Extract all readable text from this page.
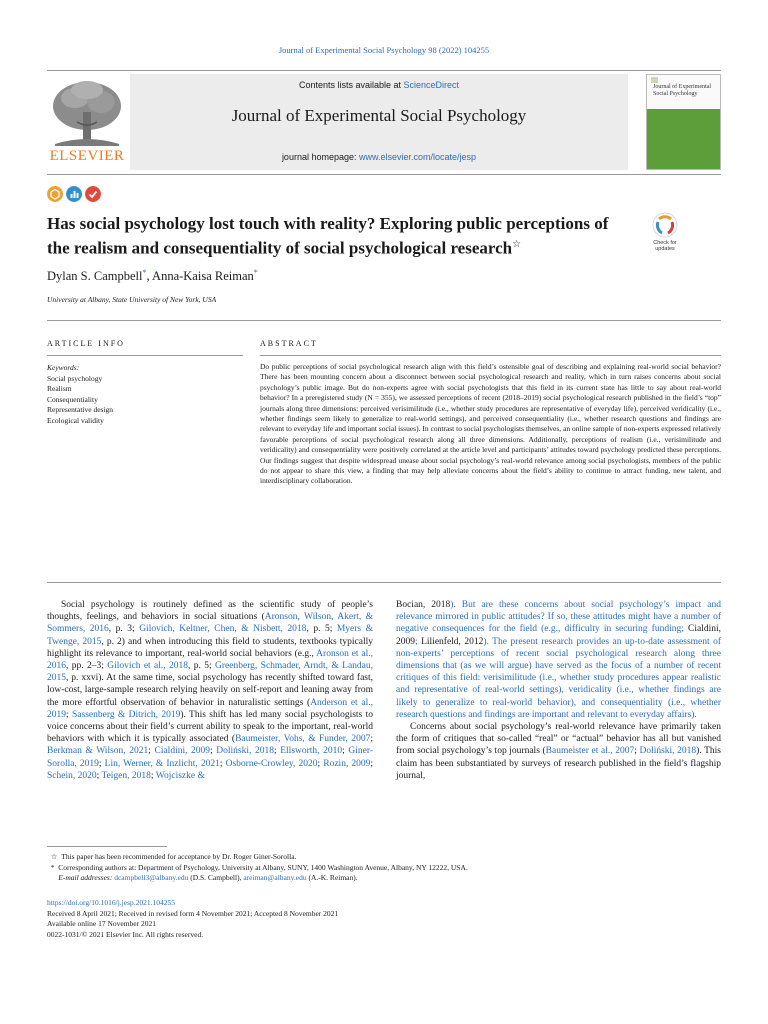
Journal of Experimental Social Psychology 98 (2022) 104255
ELSEVIER
Contents lists available at ScienceDirect
Journal of Experimental Social Psychology
journal homepage: www.elsevier.com/locate/jesp
Journal of Experimental Social Psychology
Has social psychology lost touch with reality? Exploring public perceptions of the realism and consequentiality of social psychological research☆	Check for updates
Dylan S. Campbell*, Anna-Kaisa Reiman*
University at Albany, State University of New York, USA
ARTICLE INFO	ABSTRACT
Keywords:
Social psychology
Realism
Consequentiality
Representative design
Ecological validity
Do public perceptions of social psychological research align with this field’s ostensible goal of describing and explaining real-world social behavior? There has been mounting concern about a disconnect between social psychological research and reality, which in turn raises concerns about social psychology’s public image. But do non-experts agree with social psychologists that this field in its current state has little to say about real-world behavior? In a preregistered study (N = 355), we assessed perceptions of recent (2018–2019) social psychological research published in the field’s “top” journals along three dimensions: perceived verisimilitude (i.e., whether study procedures are representative of everyday life), perceived veridicality (i.e., whether findings seem likely to generalize to real-world settings), and perceived consequentiality (i.e., whether research questions and findings are relevant to everyday life and important social issues). In contrast to social psychologists themselves, an online sample of non-experts expressed relatively favorable perceptions of social psychological research along all three dimensions. Additionally, perceptions of realism (i.e., verisimilitude and veridicality) and consequentiality were positively correlated at the article level and participants’ attitudes toward psychology predicted these perceptions. Our findings suggest that despite widespread unease about social psychology’s real-world relevance among social psychologists, members of the public do not appear to share this view, a finding that may help alleviate concerns about the field’s ability to continue to attract funding, new talent, and interdisciplinary collaboration.

Social psychology is routinely defined as the scientific study of people’s thoughts, feelings, and behaviors in social situations (Aronson, Wilson, Akert, & Sommers, 2016, p. 3; Gilovich, Keltner, Chen, & Nisbett, 2018, p. 5; Myers & Twenge, 2015, p. 2) and when introducing this field to students, textbooks typically highlight its relevance to important, real-world social behaviors (e.g., Aronson et al., 2016, pp. 2–3; Gilovich et al., 2018, p. 5; Greenberg, Schmader, Arndt, & Landau, 2015, p. xxvi). At the same time, social psychology has recently shifted toward fast, low-cost, large-sample research relying heavily on self-report and leaning away from the more effortful observation of behavior in naturalistic settings (Anderson et al., 2019; Sassenberg & Ditrich, 2019). This shift has led many social psychologists to voice concerns about their field’s current ability to speak to the important, real-world behaviors with which it is typically associated (Baumeister, Vohs, & Funder, 2007; Berkman & Wilson, 2021; Cialdini, 2009; Doliński, 2018; Ellsworth, 2010; Giner-Sorolla, 2019; Lin, Werner, & Inzlicht, 2021; Osborne-Crowley, 2020; Rozin, 2009; Schein, 2020; Teigen, 2018; Wojciszke &

Bocian, 2018). But are these concerns about social psychology’s impact and relevance mirrored in public attitudes? If so, these attitudes might have a number of negative consequences for the field (e.g., difficulty in securing funding; Cialdini, 2009; Lilienfeld, 2012). The present research provides an up-to-date assessment of non-experts’ perceptions of recent social psychological research along three dimensions that (as we will argue) have served as the focus of a number of recent critiques of this field: verisimilitude (i.e., whether study procedures appear realistic and representative of real-world settings), veridicality (i.e., whether findings are likely to generalize to real-world behavior), and consequentiality (i.e., whether research questions and findings are important and relevant to everyday affairs).

Concerns about social psychology’s real-world relevance have primarily taken the form of critiques that so-called “real” or “actual” behavior has all but vanished from social psychology’s top journals (Baumeister et al., 2007; Doliński, 2018). This claim has been substantiated by surveys of research published in the field’s flagship journal,

☆ This paper has been recommended for acceptance by Dr. Roger Giner-Sorolla.
* Corresponding authors at: Department of Psychology, University at Albany, SUNY, 1400 Washington Avenue, Albany, NY 12222, USA.
E-mail addresses: dcampbell3@albany.edu (D.S. Campbell), areiman@albany.edu (A.-K. Reiman).
https://doi.org/10.1016/j.jesp.2021.104255
Received 8 April 2021; Received in revised form 4 November 2021; Accepted 8 November 2021
Available online 17 November 2021
0022-1031/© 2021 Elsevier Inc. All rights reserved.
